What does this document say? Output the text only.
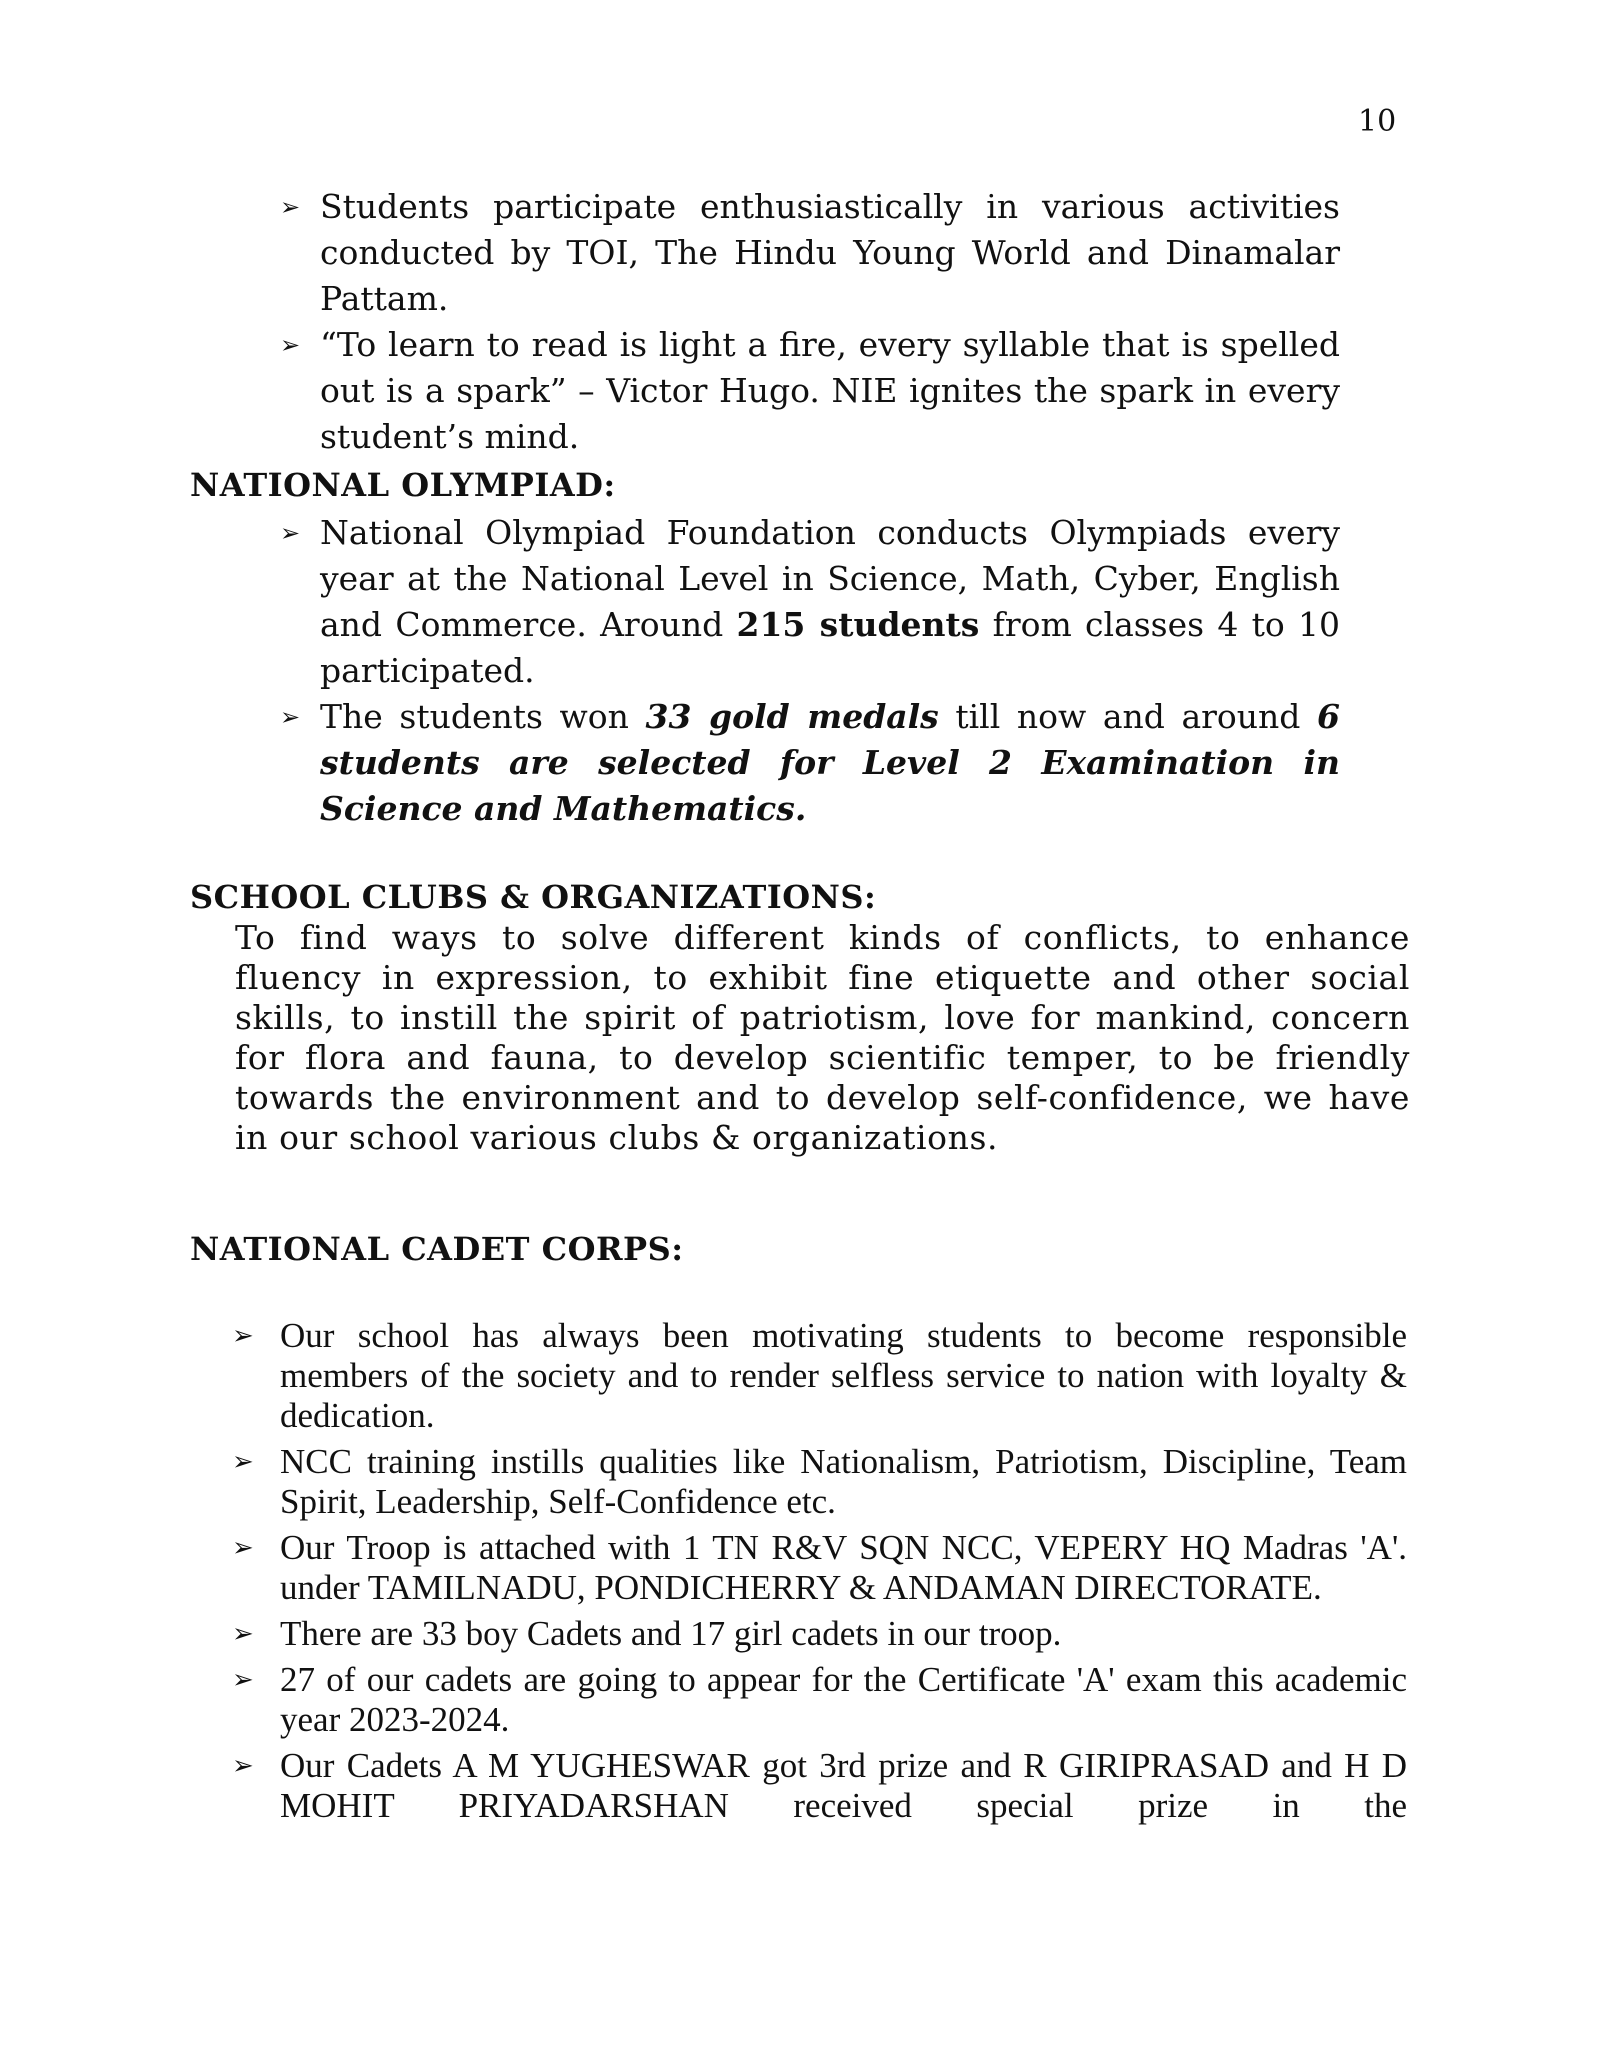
10
➢ Students participate enthusiastically in various activities conducted by TOI, The Hindu Young World and Dinamalar Pattam.
➢ “To learn to read is light a fire, every syllable that is spelled out is a spark” – Victor Hugo. NIE ignites the spark in every student’s mind.
NATIONAL OLYMPIAD:
➢ National Olympiad Foundation conducts Olympiads every year at the National Level in Science, Math, Cyber, English and Commerce. Around 215 students from classes 4 to 10 participated.
➢ The students won 33 gold medals till now and around 6 students are selected for Level 2 Examination in Science and Mathematics.
SCHOOL CLUBS & ORGANIZATIONS:
To find ways to solve different kinds of conflicts, to enhance fluency in expression, to exhibit fine etiquette and other social skills, to instill the spirit of patriotism, love for mankind, concern for flora and fauna, to develop scientific temper, to be friendly towards the environment and to develop self-confidence, we have in our school various clubs & organizations.
NATIONAL CADET CORPS:
➢ Our school has always been motivating students to become responsible members of the society and to render selfless service to nation with loyalty & dedication.
➢ NCC training instills qualities like Nationalism, Patriotism, Discipline, Team Spirit, Leadership, Self-Confidence etc.
➢ Our Troop is attached with 1 TN R&V SQN NCC, VEPERY HQ Madras 'A'. under TAMILNADU, PONDICHERRY & ANDAMAN DIRECTORATE.
➢ There are 33 boy Cadets and 17 girl cadets in our troop.
➢ 27 of our cadets are going to appear for the Certificate 'A' exam this academic year 2023-2024.
➢ Our Cadets A M YUGHESWAR got 3rd prize and R GIRIPRASAD and H D MOHIT PRIYADARSHAN received special prize in the
